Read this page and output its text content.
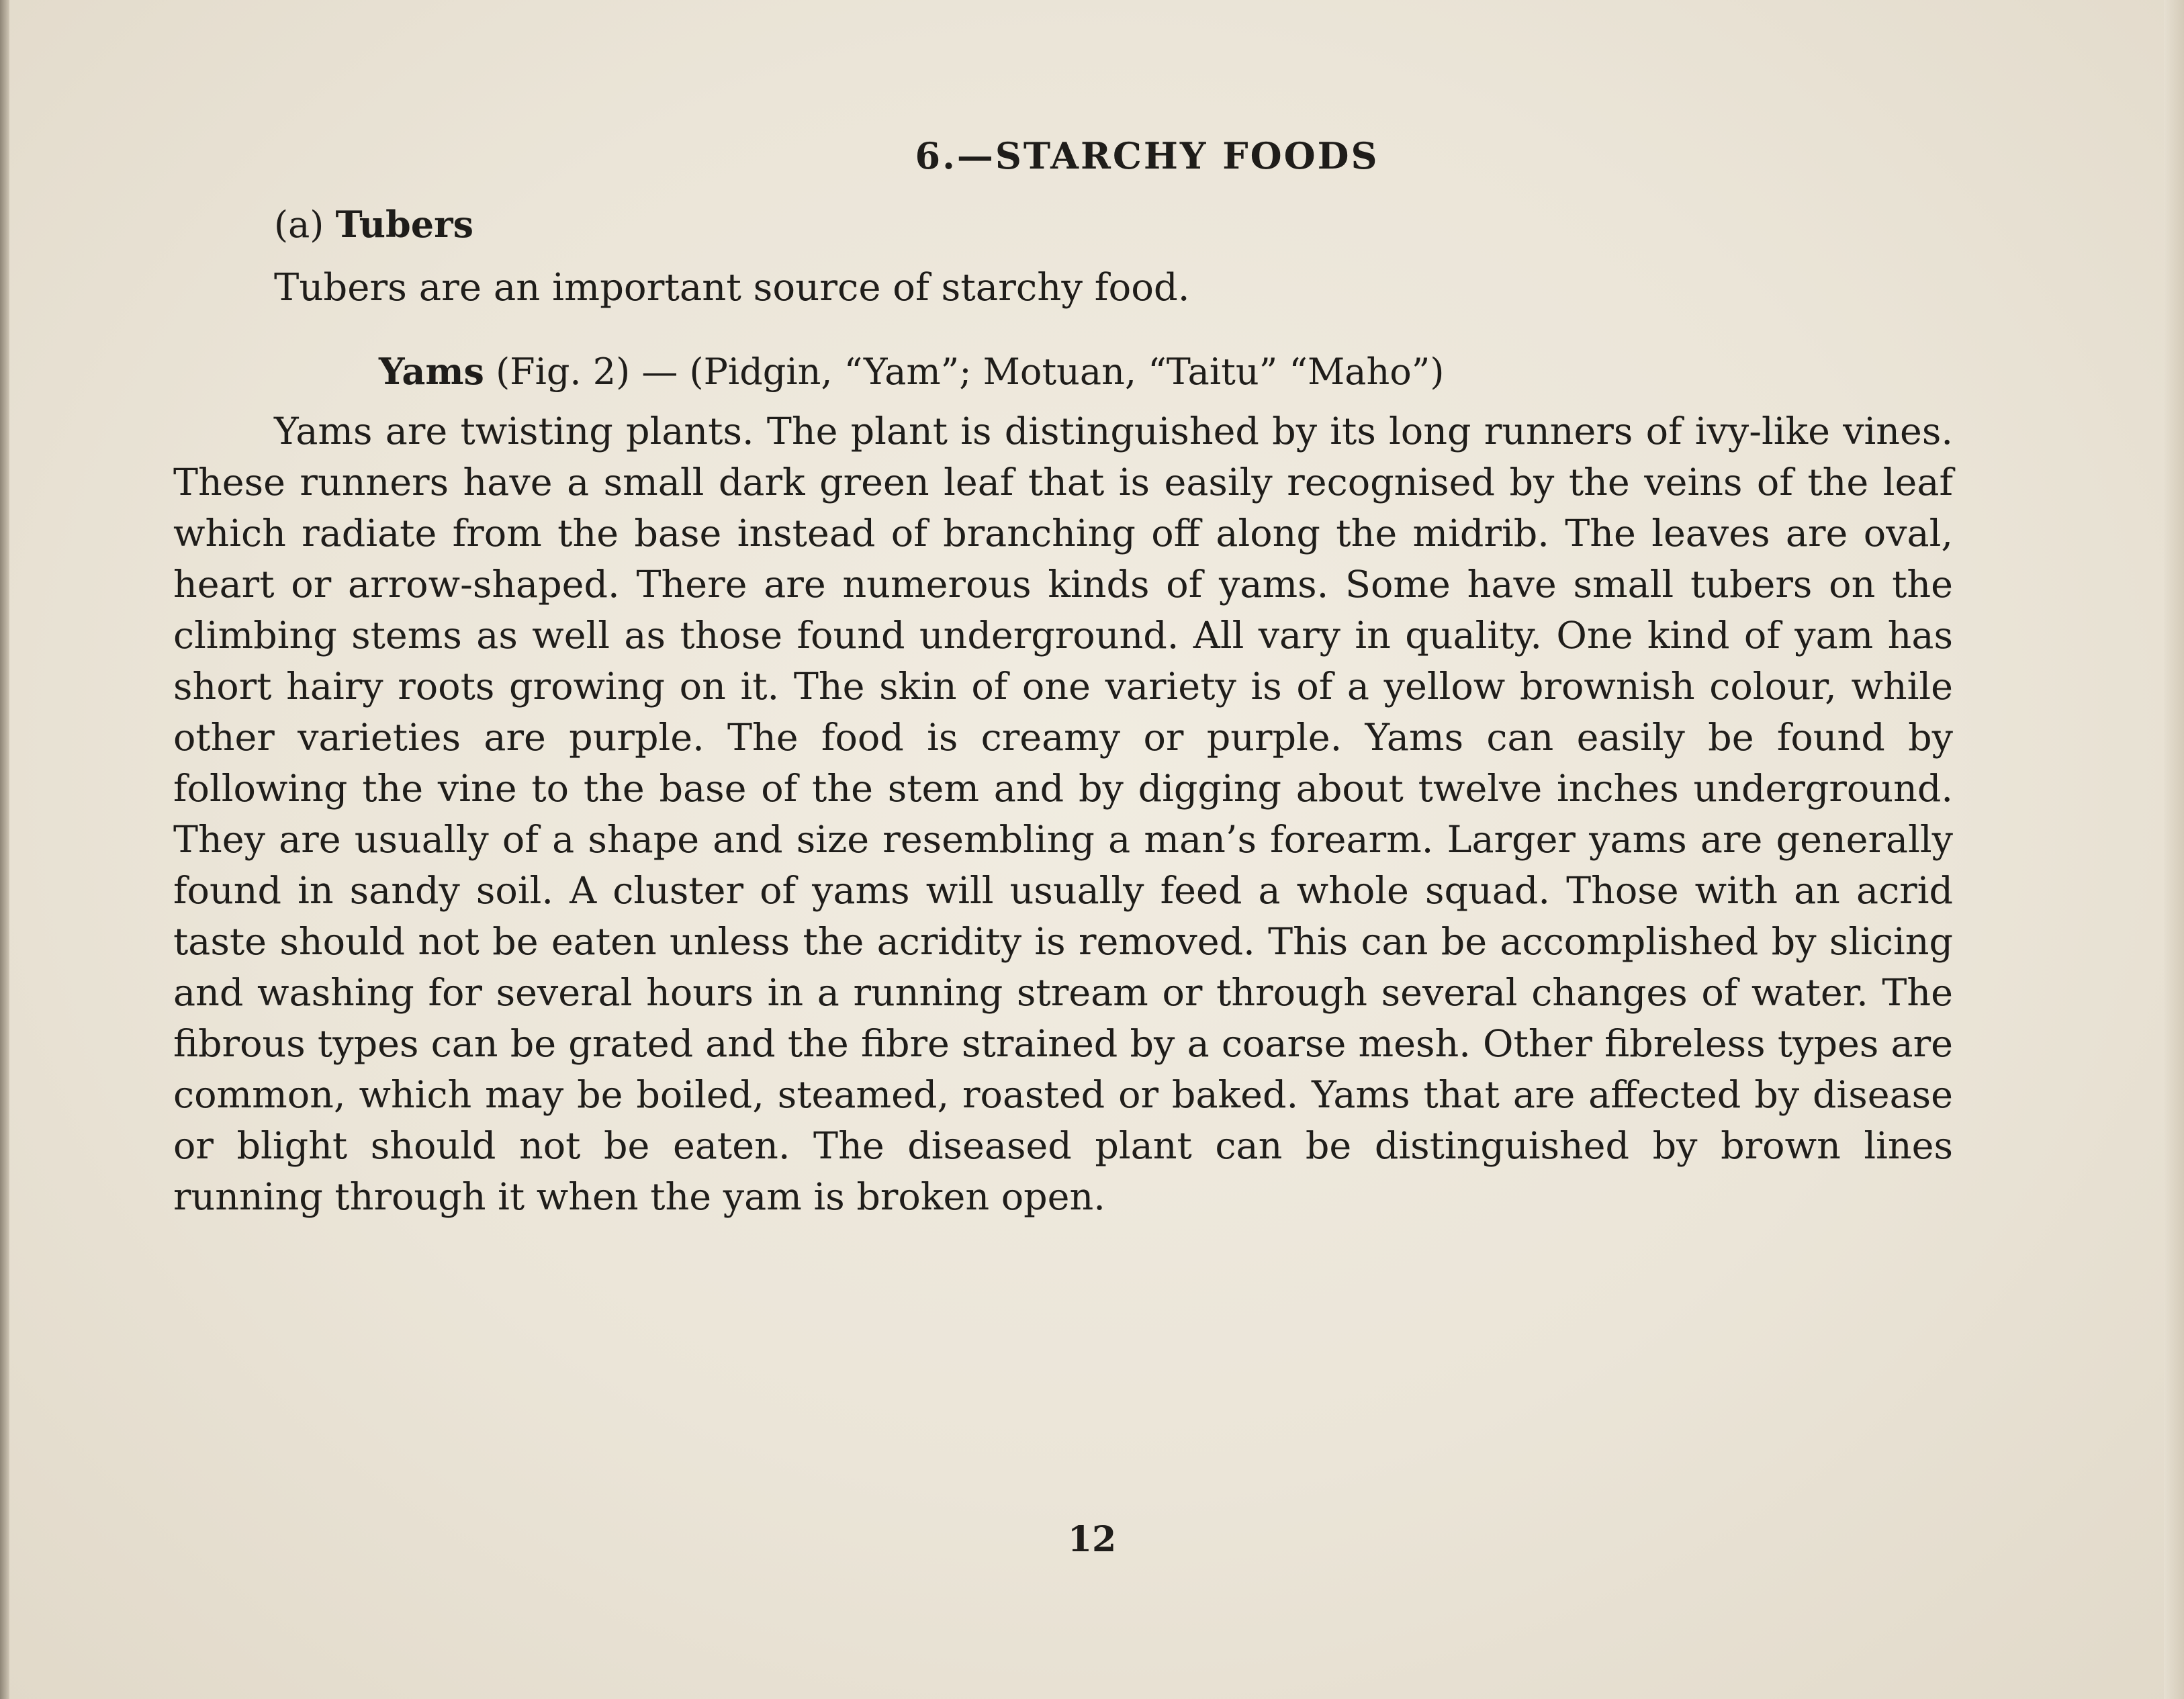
6.—STARCHY FOODS
(a) Tubers
Tubers are an important source of starchy food.
Yams (Fig. 2) — (Pidgin, “Yam”; Motuan, “Taitu” “Maho”)

Yams are twisting plants. The plant is distinguished by its long runners of ivy-like vines. These runners have a small dark green leaf that is easily recognised by the veins of the leaf which radiate from the base instead of branching off along the midrib. The leaves are oval, heart or arrow-shaped. There are numerous kinds of yams. Some have small tubers on the climbing stems as well as those found underground. All vary in quality. One kind of yam has short hairy roots growing on it. The skin of one variety is of a yellow brownish colour, while other varieties are purple. The food is creamy or purple. Yams can easily be found by following the vine to the base of the stem and by digging about twelve inches underground. They are usually of a shape and size resembling a man’s forearm. Larger yams are generally found in sandy soil. A cluster of yams will usually feed a whole squad. Those with an acrid taste should not be eaten unless the acridity is removed. This can be accomplished by slicing and washing for several hours in a running stream or through several changes of water. The fibrous types can be grated and the fibre strained by a coarse mesh. Other fibreless types are common, which may be boiled, steamed, roasted or baked. Yams that are affected by disease or blight should not be eaten. The diseased plant can be distinguished by brown lines running through it when the yam is broken open.

12
